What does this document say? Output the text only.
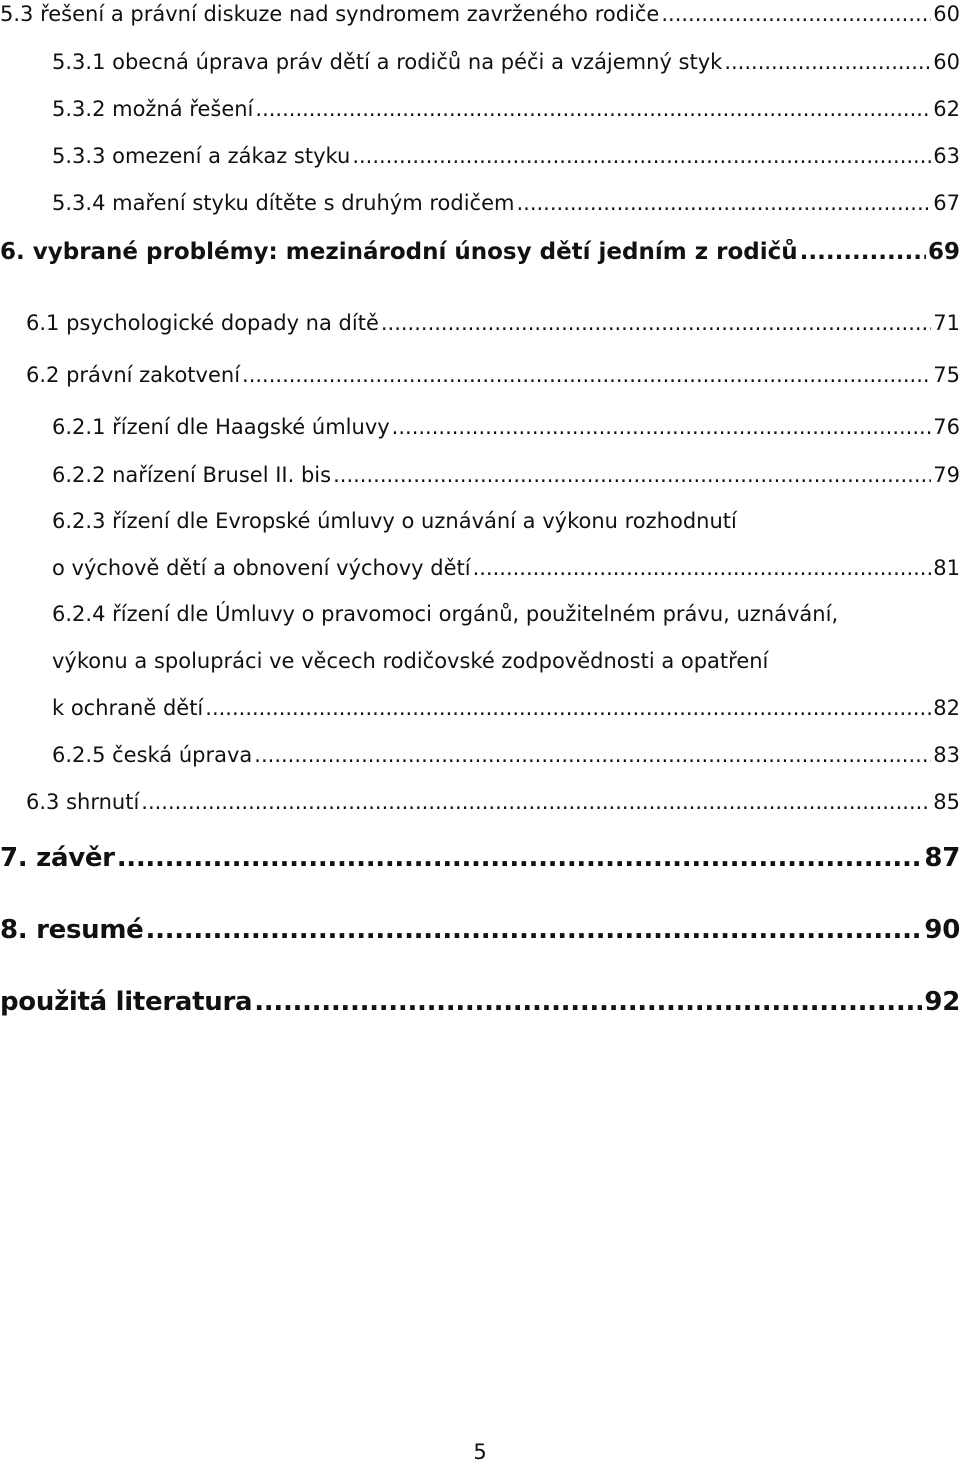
5.3 řešení a právní diskuze nad syndromem zavrženého rodiče .....	60
5.3.1 obecná úprava práv dětí a rodičů na péči a vzájemný styk .....	60
5.3.2 možná řešení .....	62
5.3.3 omezení a zákaz styku .....	63
5.3.4 maření styku dítěte s druhým rodičem .....	67
6. vybrané problémy: mezinárodní únosy dětí jedním z rodičů .....	69
6.1 psychologické dopady na dítě .....	71
6.2 právní zakotvení .....	75
6.2.1 řízení dle Haagské úmluvy .....	76
6.2.2 nařízení Brusel II. bis .....	79
6.2.3 řízení dle Evropské úmluvy o uznávání a výkonu rozhodnutí
o výchově dětí a obnovení výchovy dětí .....	81
6.2.4 řízení dle Úmluvy o pravomoci orgánů, použitelném právu, uznávání,
výkonu a spolupráci ve věcech rodičovské zodpovědnosti a opatření
k ochraně dětí .....	82
6.2.5 česká úprava .....	83
6.3 shrnutí .....	85
7. závěr .....	87
8. resumé .....	90
použitá literatura .....	92
5
